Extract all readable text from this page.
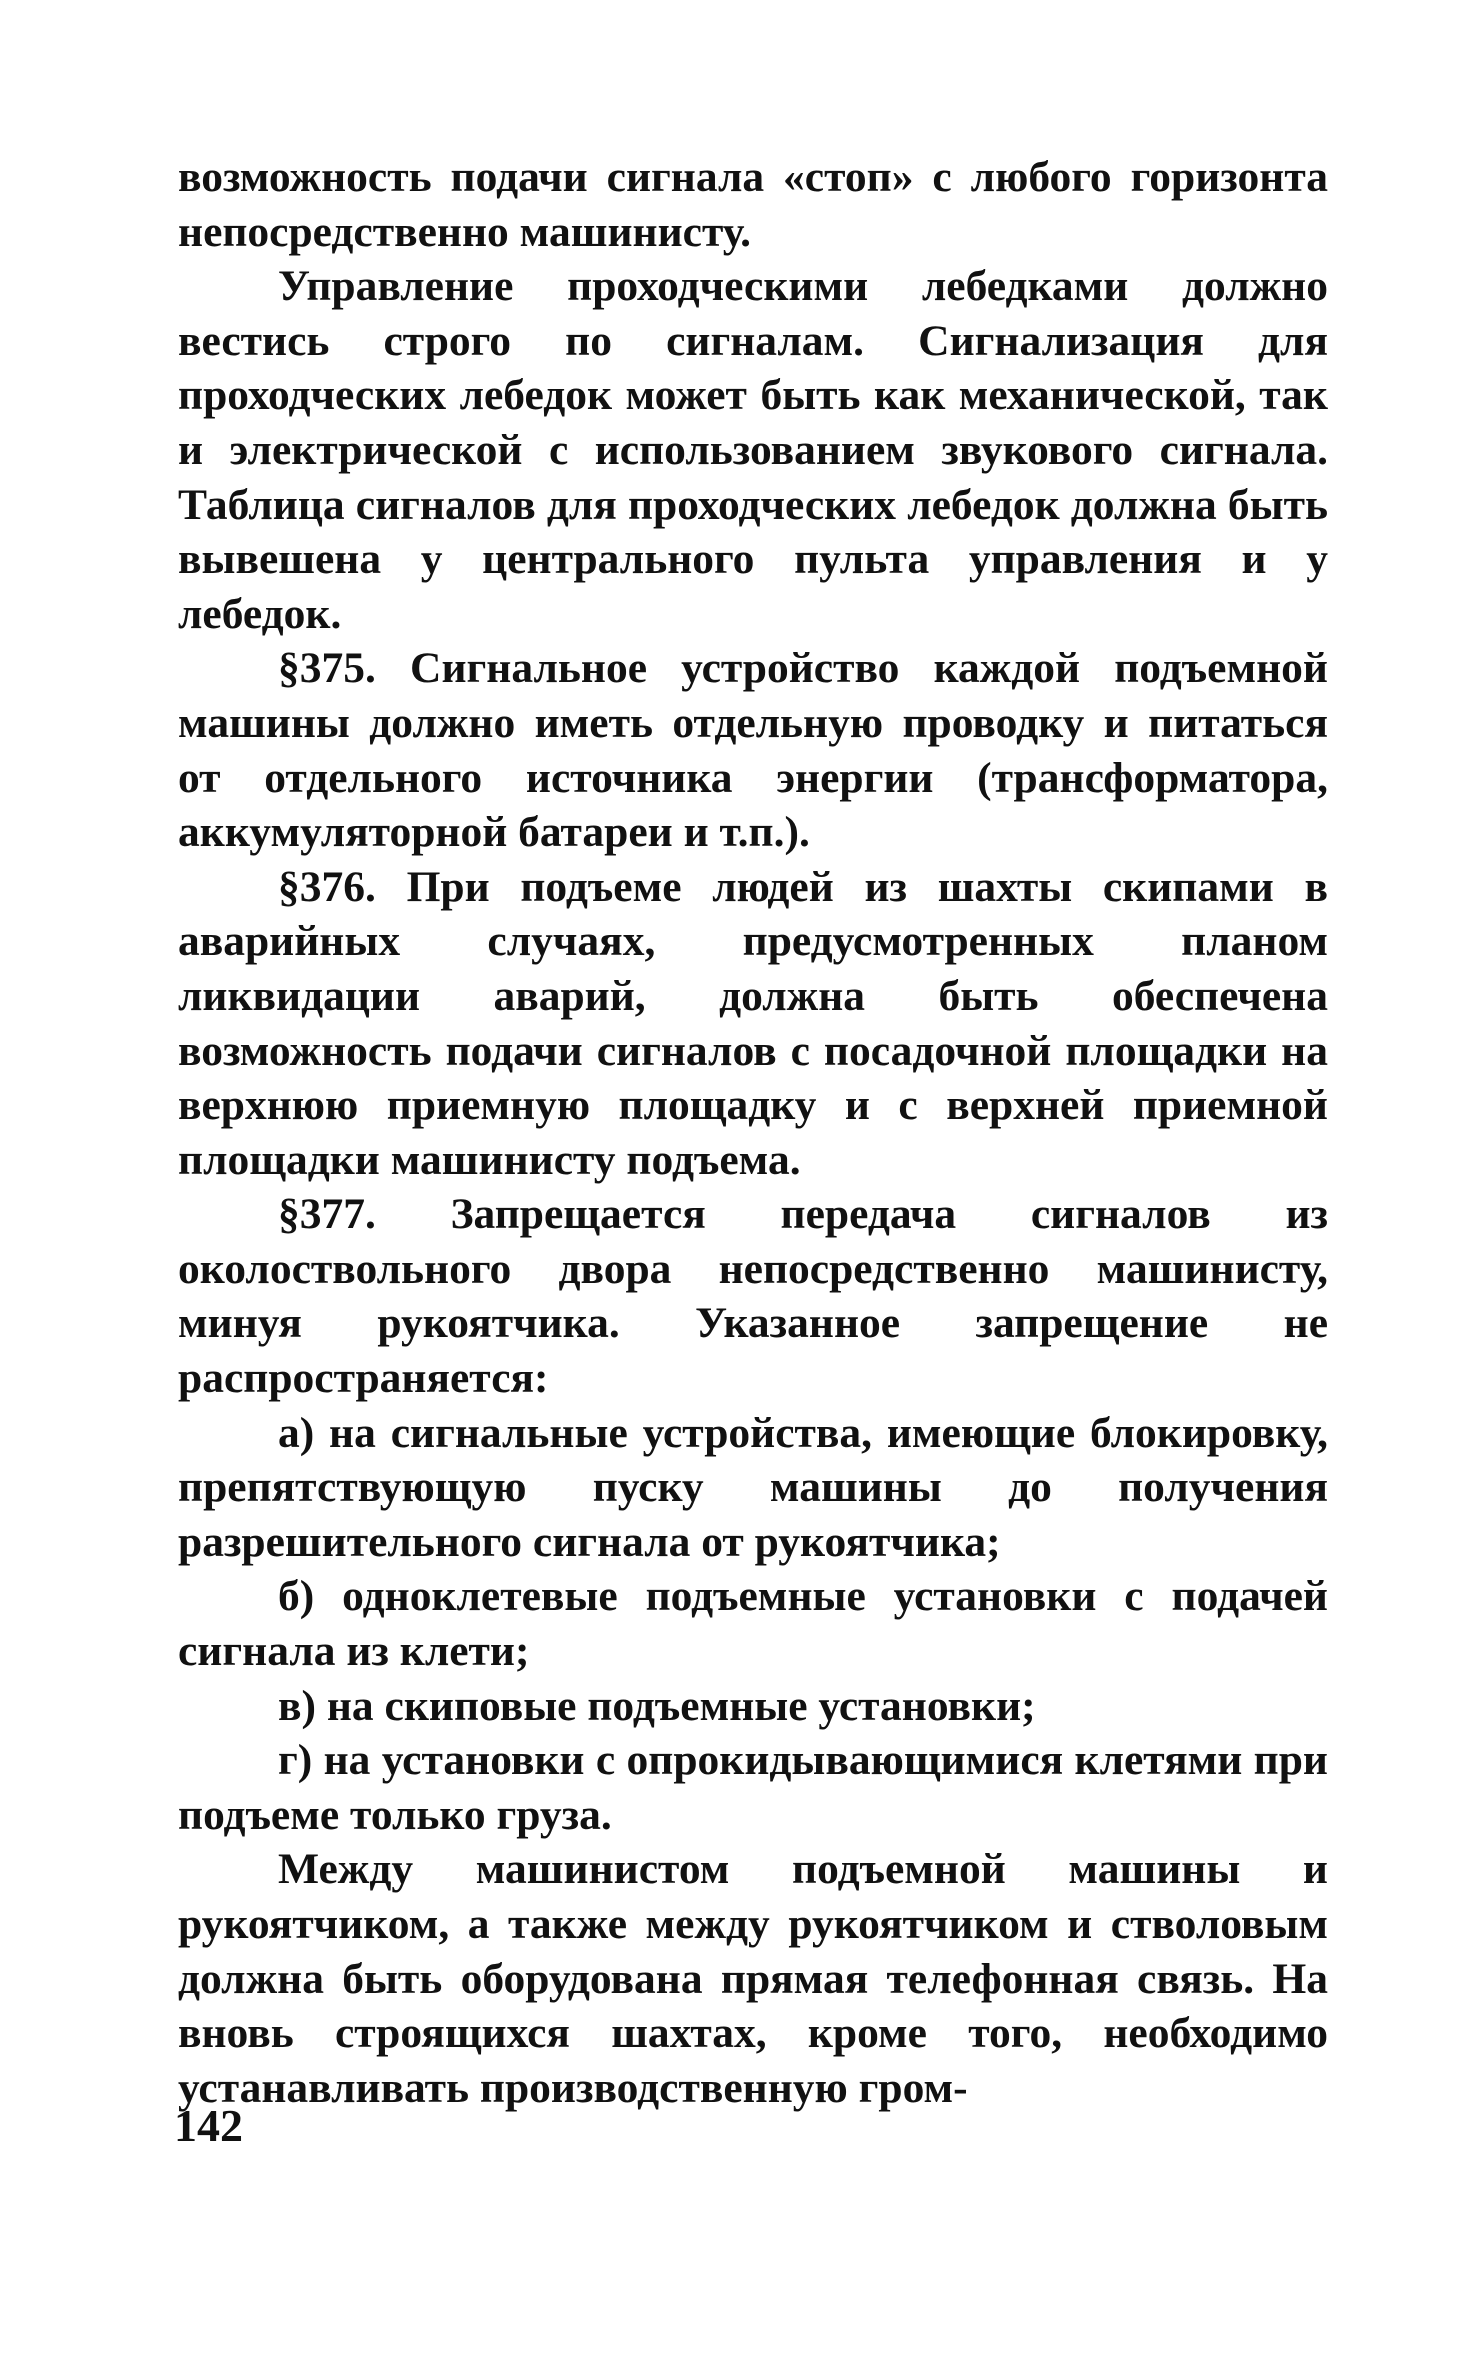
возможность подачи сигнала «стоп» с любого горизонта непосредственно машинисту.

Управление проходческими лебедками должно вестись строго по сигналам. Сигнализация для проходческих лебедок может быть как механической, так и электрической с использованием звукового сигнала. Таблица сигналов для проходческих лебедок должна быть вывешена у центрального пульта управления и у лебедок.

§375. Сигнальное устройство каждой подъемной машины должно иметь отдельную проводку и питаться от отдельного источника энергии (трансформатора, аккумуляторной батареи и т.п.).

§376. При подъеме людей из шахты скипами в аварийных случаях, предусмотренных планом ликвидации аварий, должна быть обеспечена возможность подачи сигналов с посадочной площадки на верхнюю приемную площадку и с верхней приемной площадки машинисту подъема.

§377. Запрещается передача сигналов из околоствольного двора непосредственно машинисту, минуя рукоятчика. Указанное запрещение не распространяется:

а) на сигнальные устройства, имеющие блокировку, препятствующую пуску машины до получения разрешительного сигнала от рукоятчика;

б) одноклетевые подъемные установки с подачей сигнала из клети;

в) на скиповые подъемные установки;

г) на установки с опрокидывающимися клетями при подъеме только груза.

Между машинистом подъемной машины и рукоятчиком, а также между рукоятчиком и стволовым должна быть оборудована прямая телефонная связь. На вновь строящихся шахтах, кроме того, необходимо устанавливать производственную гром-

142
